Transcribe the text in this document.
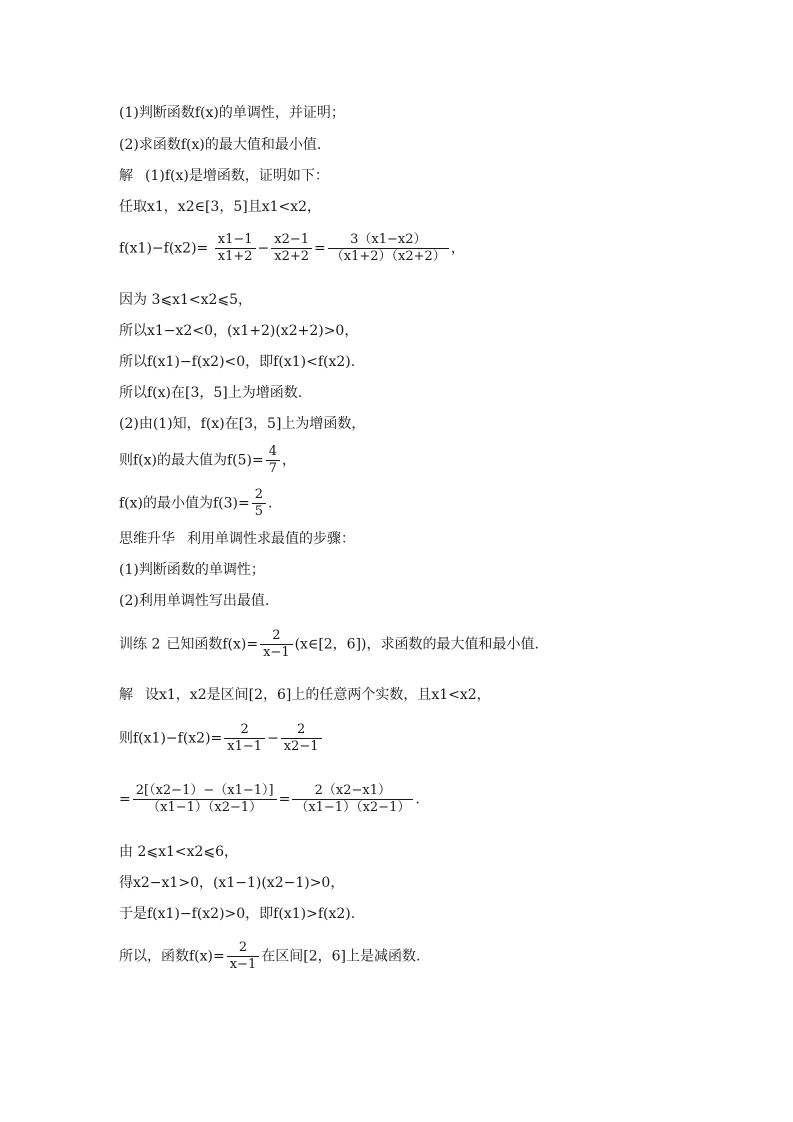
(1)判断函数f(x)的单调性，并证明；
(2)求函数f(x)的最大值和最小值.
解 (1)f(x)是增函数，证明如下：
任取x1，x2∈[3，5]且x1<x2，
$f(x1)-f(x2)= \frac{x1-1}{x1+2} - \frac{x2-1}{x2+2} = \frac{3(x1-x2)}{(x1+2)(x2+2)}$ ，
因为 3⩽x1<x2⩽5，
所以x1−x2<0，(x1+2)(x2+2)>0，
所以f(x1)−f(x2)<0，即f(x1)<f(x2).
所以f(x)在[3，5]上为增函数.
(2)由(1)知，f(x)在[3，5]上为增函数，
则f(x)的最大值为$f(5)= \frac{4}{7}$ ，
f(x)的最小值为$f(3)= \frac{2}{5}$ .
思维升华 利用单调性求最值的步骤：
(1)判断函数的单调性；
(2)利用单调性写出最值.
训练 2 已知函数$f(x)= \frac{2}{x-1}$ (x∈[2，6])，求函数的最大值和最小值.
解 设x1，x2是区间[2，6]上的任意两个实数，且x1<x2，
则$f(x1)-f(x2)= \frac{2}{x1-1} - \frac{2}{x2-1}$
= $\frac{2[(x2-1)-(x1-1)]}{(x1-1)(x2-1)} = \frac{2(x2-x1)}{(x1-1)(x2-1)}$ .
由 2⩽x1<x2⩽6，
得x2−x1>0，(x1−1)(x2−1)>0，
于是f(x1)−f(x2)>0，即f(x1)>f(x2).
所以，函数$f(x)= \frac{2}{x-1}$ 在区间[2，6]上是减函数.
